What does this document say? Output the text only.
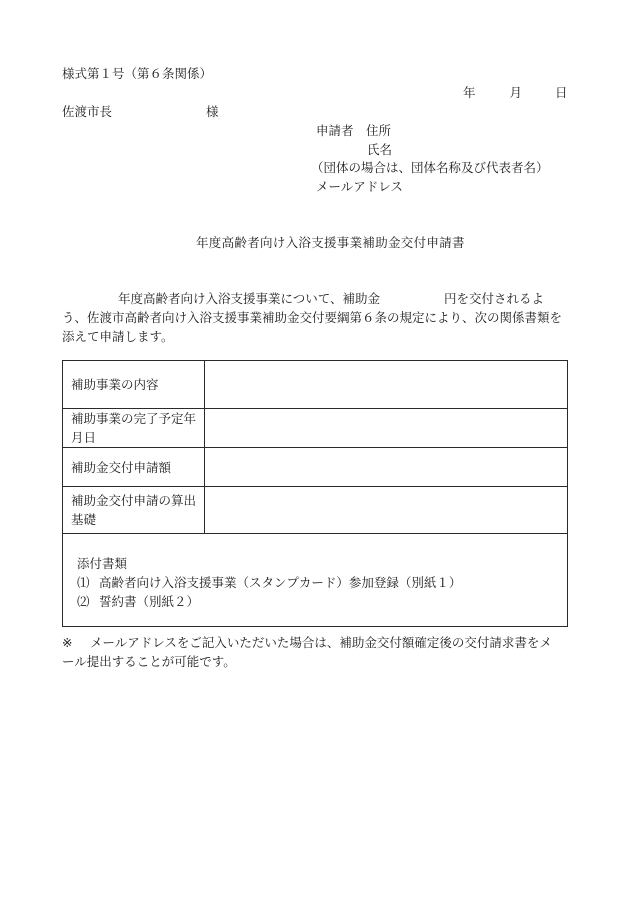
様式第１号（第６条関係）
年	月	日
佐渡市長	様
申請者 住所
氏名
（団体の場合は、団体名称及び代表者名）
メールアドレス
年度高齢者向け入浴支援事業補助金交付申請書
年度高齢者向け入浴支援事業について、補助金	円を交付されるよう、佐渡市高齢者向け入浴支援事業補助金交付要綱第６条の規定により、次の関係書類を添えて申請します。
補助事業の内容
補助事業の完了予定年月日
補助金交付申請額
補助金交付申請の算出基礎
添付書類
⑴ 高齢者向け入浴支援事業（スタンプカード）参加登録（別紙１）
⑵ 誓約書（別紙２）
※ メールアドレスをご記入いただいた場合は、補助金交付額確定後の交付請求書をメール提出することが可能です。
